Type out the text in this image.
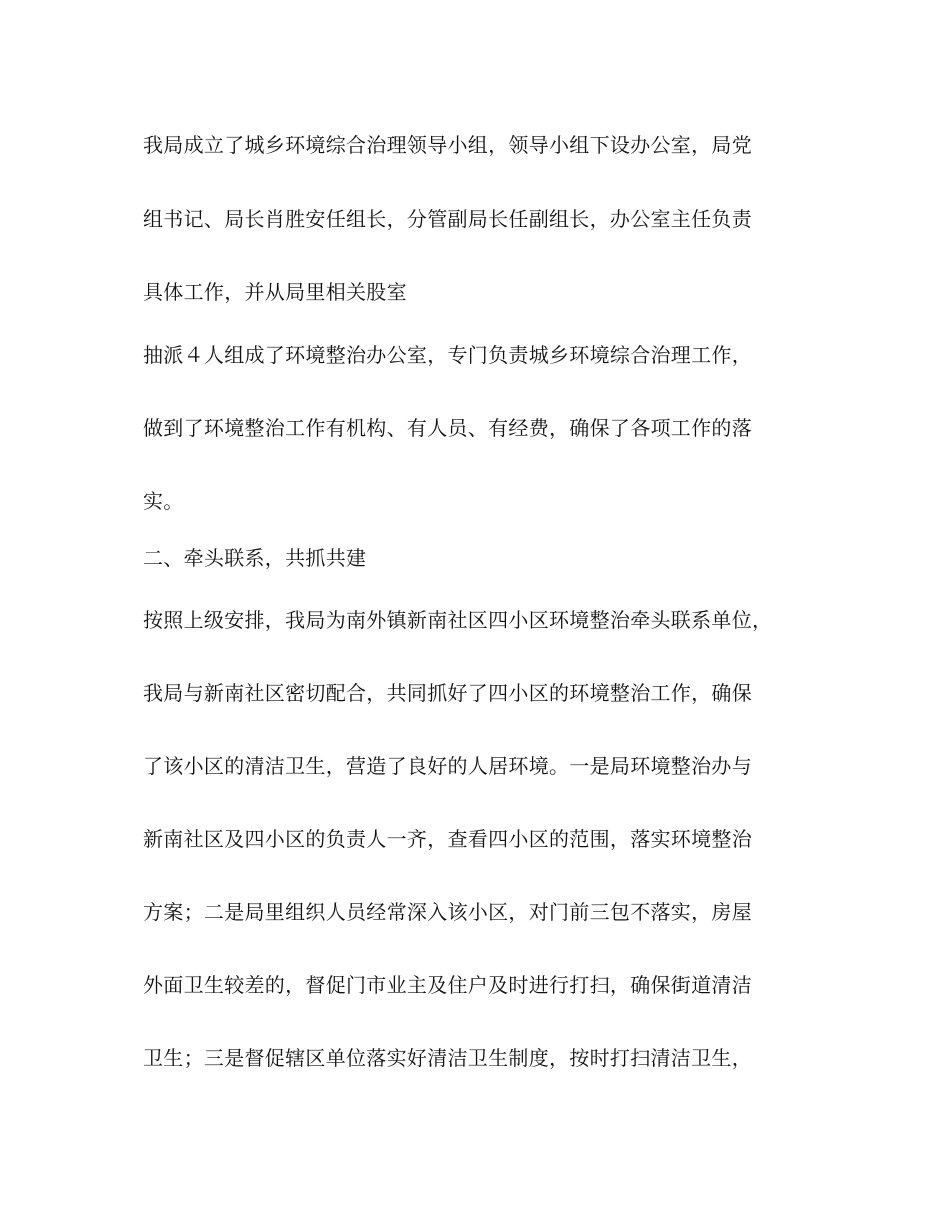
我局成立了城乡环境综合治理领导小组，领导小组下设办公室，局党

组书记、局长肖胜安任组长，分管副局长任副组长，办公室主任负责

具体工作，并从局里相关股室

抽派４人组成了环境整治办公室，专门负责城乡环境综合治理工作，

做到了环境整治工作有机构、有人员、有经费，确保了各项工作的落

实。

二、牵头联系，共抓共建

按照上级安排，我局为南外镇新南社区四小区环境整治牵头联系单位，

我局与新南社区密切配合，共同抓好了四小区的环境整治工作，确保

了该小区的清洁卫生，营造了良好的人居环境。一是局环境整治办与

新南社区及四小区的负责人一齐，查看四小区的范围，落实环境整治

方案；二是局里组织人员经常深入该小区，对门前三包不落实，房屋

外面卫生较差的，督促门市业主及住户及时进行打扫，确保街道清洁

卫生；三是督促辖区单位落实好清洁卫生制度，按时打扫清洁卫生，
